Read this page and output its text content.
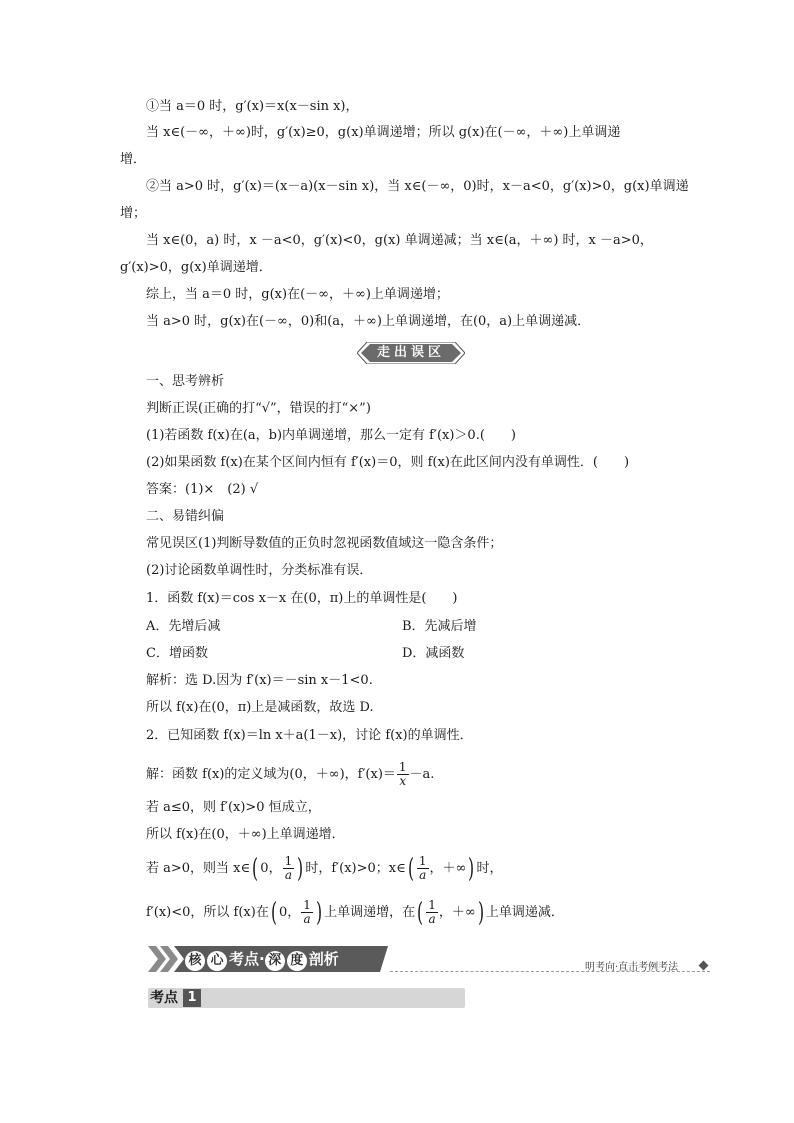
①当 a＝0 时，g′(x)＝x(x－sin x)，
当 x∈(－∞，＋∞)时，g′(x)≥0，g(x)单调递增；所以 g(x)在(－∞，＋∞)上单调递
增．
②当 a>0 时，g′(x)＝(x－a)(x－sin x)，当 x∈(－∞，0)时，x－a<0，g′(x)>0，g(x)单调递
增；
当 x∈(0，a) 时，x －a<0，g′(x)<0，g(x) 单调递减；当 x∈(a，＋∞) 时，x －a>0，
g′(x)>0，g(x)单调递增．
综上，当 a＝0 时，g(x)在(－∞，＋∞)上单调递增；
当 a>0 时，g(x)在(－∞，0)和(a，＋∞)上单调递增，在(0，a)上单调递减．
走出误区
一、思考辨析
判断正误(正确的打“√”，错误的打“×”)
(1)若函数 f(x)在(a，b)内单调递增，那么一定有 f′(x)＞0.(　　)
(2)如果函数 f(x)在某个区间内恒有 f′(x)＝0，则 f(x)在此区间内没有单调性．(　　)
答案：(1)×　(2) √
二、易错纠偏
常见误区(1)判断导数值的正负时忽视函数值域这一隐含条件；
(2)讨论函数单调性时，分类标准有误．
1．函数 f(x)＝cos x－x 在(0，π)上的单调性是(　　)
A．先增后减	B．先减后增
C．增函数	D．减函数
解析：选 D.因为 f′(x)＝－sin x－1<0.
所以 f(x)在(0，π)上是减函数，故选 D.
2．已知函数 f(x)＝ln x＋a(1－x)，讨论 f(x)的单调性．
解：函数 f(x)的定义域为(0，＋∞)，$f'(x)= \frac{1}{x} -a$.
若 a≤0，则 f′(x)>0 恒成立，
所以 f(x)在(0，＋∞)上单调递增．
若 a>0，则当 x∈( 0， $\frac{1}{a}$ ) 时，f′(x)>0；x∈( $\frac{1}{a}$ ，＋∞) 时，
f′(x)<0，所以 f(x)在( 0， $\frac{1}{a}$ ) 上单调递增，在( $\frac{1}{a}$ ，＋∞) 上单调递减．
核 心 考点· 深 度 剖析	明考向·直击考例考法
考点 1
